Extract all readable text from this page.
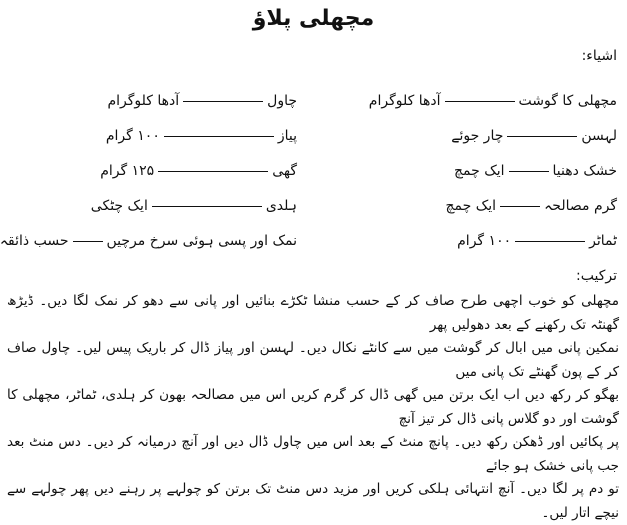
مچھلی پلاؤ
اشیاء:
مچھلی کا گوشتآدھا کلوگرام
چاولآدھا کلوگرام
لہسنچار جوئے
پیاز۱۰۰ گرام
خشک دھنیاایک چمچ
گھی۱۲۵ گرام
گرم مصالحہایک چمچ
ہلدیایک چٹکی
ٹماٹر۱۰۰ گرام
نمک اور پسی ہوئی سرخ مرچیںحسب ذائقہ
ترکیب:

مچھلی کو خوب اچھی طرح صاف کر کے حسب منشا ٹکڑے بنائیں اور پانی سے دھو کر نمک لگا دیں۔ ڈیڑھ گھنٹہ تک رکھنے کے بعد دھولیں پھر

نمکین پانی میں ابال کر گوشت میں سے کانٹے نکال دیں۔ لہسن اور پیاز ڈال کر باریک پیس لیں۔ چاول صاف کر کے پون گھنٹے تک پانی میں

بھگو کر رکھ دیں اب ایک برتن میں گھی ڈال کر گرم کریں اس میں مصالحہ بھون کر ہلدی، ٹماٹر، مچھلی کا گوشت اور دو گلاس پانی ڈال کر تیز آنچ

پر پکائیں اور ڈھکن رکھ دیں۔ پانچ منٹ کے بعد اس میں چاول ڈال دیں اور آنچ درمیانہ کر دیں۔ دس منٹ بعد جب پانی خشک ہو جائے

تو دم پر لگا دیں۔ آنچ انتہائی ہلکی کریں اور مزید دس منٹ تک برتن کو چولہے پر رہنے دیں پھر چولہے سے نیچے اتار لیں۔
